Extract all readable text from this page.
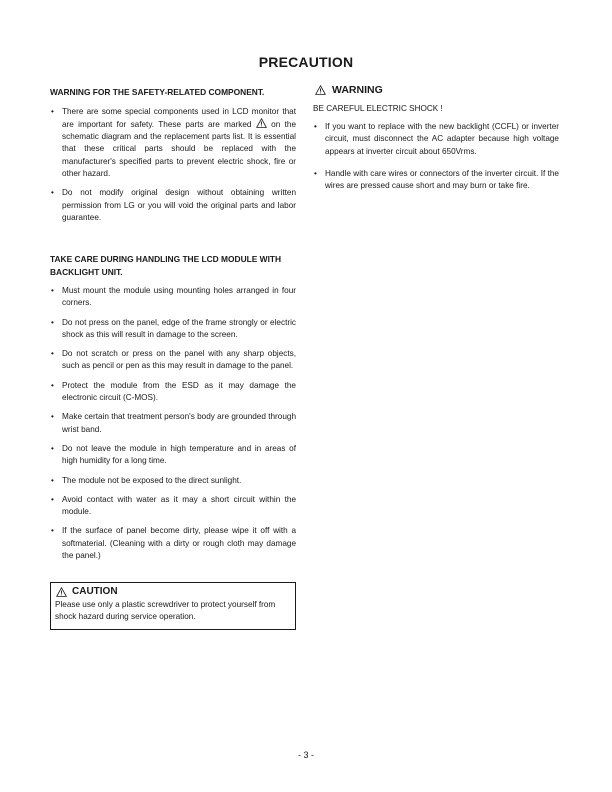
PRECAUTION

WARNING FOR THE SAFETY-RELATED COMPONENT.

• There are some special components used in LCD monitor that are important for safety. These parts are marked  on the schematic diagram and the replacement parts list. It is essential that these critical parts should be replaced with the manufacturer's specified parts to prevent electric shock, fire or other hazard.
• Do not modify original design without obtaining written permission from LG or you will void the original parts and labor guarantee.

TAKE CARE DURING HANDLING THE LCD MODULE WITH BACKLIGHT UNIT.

• Must mount the module using mounting holes arranged in four corners.
• Do not press on the panel, edge of the frame strongly or electric shock as this will result in damage to the screen.
• Do not scratch or press on the panel with any sharp objects, such as pencil or pen as this may result in damage to the panel.
• Protect the module from the ESD as it may damage the electronic circuit (C-MOS).
• Make certain that treatment person's body are grounded through wrist band.
• Do not leave the module in high temperature and in areas of high humidity for a long time.
• The module not be exposed to the direct sunlight.
• Avoid contact with water as it may a short circuit within the module.
• If the surface of panel become dirty, please wipe it off with a softmaterial. (Cleaning with a dirty or rough cloth may damage the panel.)
CAUTION
Please use only a plastic screwdriver to protect yourself from shock hazard during service operation.
WARNING
BE CAREFUL ELECTRIC SHOCK !
• If you want to replace with the new backlight (CCFL) or inverter circuit, must disconnect the AC adapter because high voltage appears at inverter circuit about 650Vrms.
• Handle with care wires or connectors of the inverter circuit. If the wires are pressed cause short and may burn or take fire.
- 3 -
